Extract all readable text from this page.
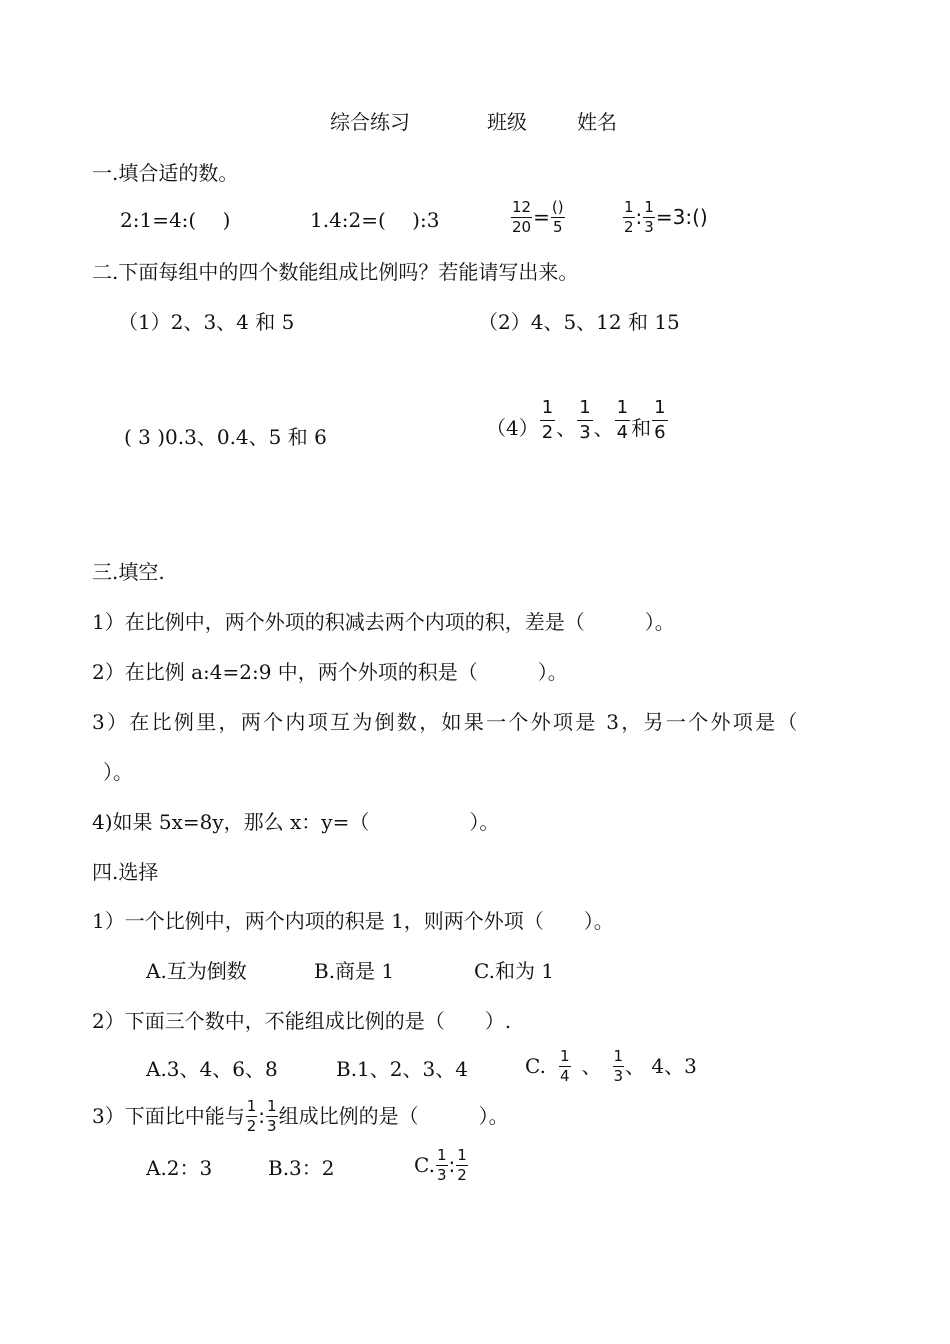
综合练习	班级	姓名
一.填合适的数。
2:1=4:(　 )	1.4:2=(　 ):3	$\frac{12}{20} = \frac{()}{5}$	$\frac{1}{2}$ : $\frac{1}{3}$ =3:()
二.下面每组中的四个数能组成比例吗？若能请写出来。
（1）2、3、4 和 5	（2）4、5、12 和 15
( 3 )0.3、0.4、5 和 6	$(4) \frac{1}{2}$ 、 $\frac{1}{3}$ 、 $\frac{1}{4}$ 和 $\frac{1}{6}$
三.填空.
1）在比例中，两个外项的积减去两个内项的积，差是（　　　）。
2）在比例 a:4=2:9 中，两个外项的积是（　　　）。
3）在比例里，两个内项互为倒数，如果一个外项是 3，另一个外项是（
）。
4)如果 5x=8y，那么 x：y=（　　　　　）。
四.选择
1）一个比例中，两个内项的积是 1，则两个外项（　　）。
A.互为倒数	B.商是 1	C.和为 1
2）下面三个数中，不能组成比例的是（　　）.
A.3、4、6、8	B.1、2、3、4	C. $\frac{1}{4}$ 、 $\frac{1}{3}$ 、 4、3
3）下面比中能与 $\frac{1}{2}$ : $\frac{1}{3}$ 组成比例的是（　　　）。
A.2：3	B.3：2	C. $\frac{1}{3}$ : $\frac{1}{2}$
